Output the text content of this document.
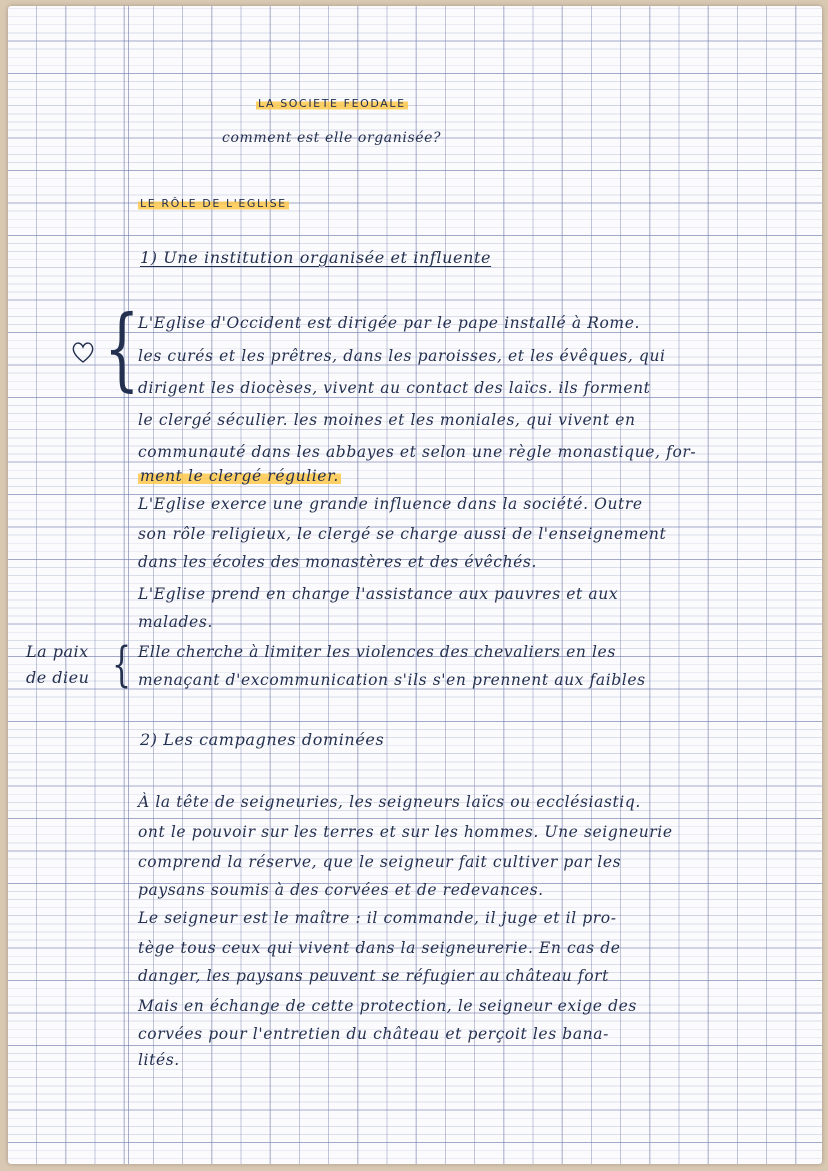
LA SOCIETE FEODALE

comment est elle organisée?

LE RÔLE DE L'EGLISE

1) Une institution organisée et influente

{

L'Eglise d'Occident est dirigée par le pape installé à Rome.

les curés et les prêtres, dans les paroisses, et les évêques, qui

dirigent les diocèses, vivent au contact des laïcs. ils forment

le clergé séculier. les moines et les moniales, qui vivent en

communauté dans les abbayes et selon une règle monastique, for-

ment le clergé régulier.

L'Eglise exerce une grande influence dans la société. Outre

son rôle religieux, le clergé se charge aussi de l'enseignement

dans les écoles des monastères et des évêchés.

L'Eglise prend en charge l'assistance aux pauvres et aux

malades.

La paix

de dieu { Elle cherche à limiter les violences des chevaliers en les

menaçant d'excommunication s'ils s'en prennent aux faibles

2) Les campagnes dominées

À la tête de seigneuries, les seigneurs laïcs ou ecclésiastiq.

ont le pouvoir sur les terres et sur les hommes. Une seigneurie

comprend la réserve, que le seigneur fait cultiver par les

paysans soumis à des corvées et de redevances.

Le seigneur est le maître : il commande, il juge et il pro-

tège tous ceux qui vivent dans la seigneurerie. En cas de

danger, les paysans peuvent se réfugier au château fort

Mais en échange de cette protection, le seigneur exige des

corvées pour l'entretien du château et perçoit les bana-

lités.
